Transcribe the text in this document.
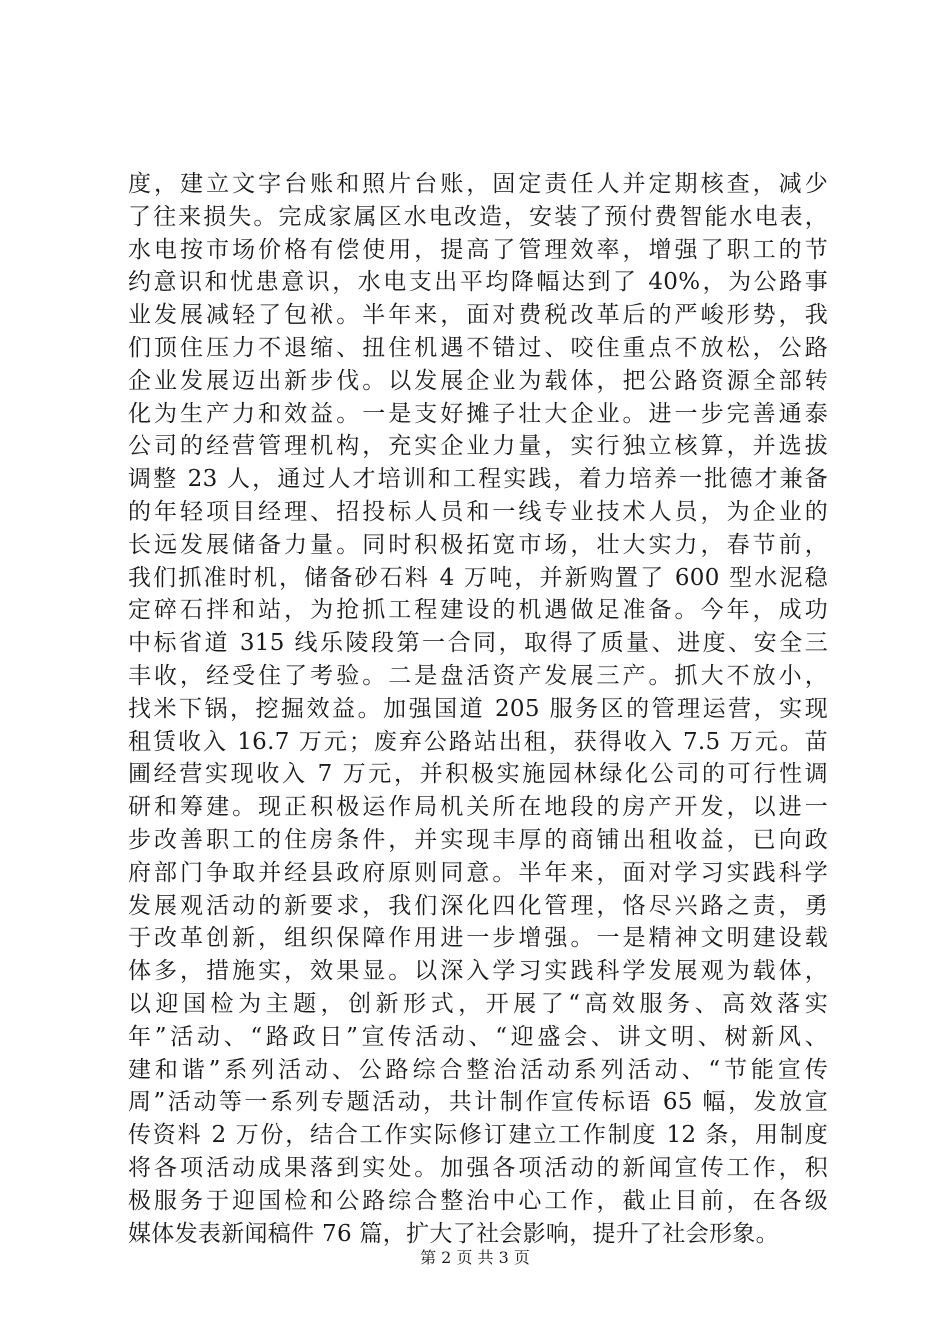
度，建立文字台账和照片台账，固定责任人并定期核查，减少
了往来损失。完成家属区水电改造，安装了预付费智能水电表，
水电按市场价格有偿使用，提高了管理效率，增强了职工的节
约意识和忧患意识，水电支出平均降幅达到了 40%，为公路事
业发展减轻了包袱。半年来，面对费税改革后的严峻形势，我
们顶住压力不退缩、扭住机遇不错过、咬住重点不放松，公路
企业发展迈出新步伐。以发展企业为载体，把公路资源全部转
化为生产力和效益。一是支好摊子壮大企业。进一步完善通泰
公司的经营管理机构，充实企业力量，实行独立核算，并选拔
调整 23 人，通过人才培训和工程实践，着力培养一批德才兼备
的年轻项目经理、招投标人员和一线专业技术人员，为企业的
长远发展储备力量。同时积极拓宽市场，壮大实力，春节前，
我们抓准时机，储备砂石料 4 万吨，并新购置了 600 型水泥稳
定碎石拌和站，为抢抓工程建设的机遇做足准备。今年，成功
中标省道 315 线乐陵段第一合同，取得了质量、进度、安全三
丰收，经受住了考验。二是盘活资产发展三产。抓大不放小，
找米下锅，挖掘效益。加强国道 205 服务区的管理运营，实现
租赁收入 16.7 万元；废弃公路站出租，获得收入 7.5 万元。苗
圃经营实现收入 7 万元，并积极实施园林绿化公司的可行性调
研和筹建。现正积极运作局机关所在地段的房产开发，以进一
步改善职工的住房条件，并实现丰厚的商铺出租收益，已向政
府部门争取并经县政府原则同意。半年来，面对学习实践科学
发展观活动的新要求，我们深化四化管理，恪尽兴路之责，勇
于改革创新，组织保障作用进一步增强。一是精神文明建设载
体多，措施实，效果显。以深入学习实践科学发展观为载体，
以迎国检为主题，创新形式，开展了“高效服务、高效落实
年”活动、“路政日”宣传活动、“迎盛会、讲文明、树新风、
建和谐”系列活动、公路综合整治活动系列活动、“节能宣传
周”活动等一系列专题活动，共计制作宣传标语 65 幅，发放宣
传资料 2 万份，结合工作实际修订建立工作制度 12 条，用制度
将各项活动成果落到实处。加强各项活动的新闻宣传工作，积
极服务于迎国检和公路综合整治中心工作，截止目前，在各级
媒体发表新闻稿件 76 篇，扩大了社会影响，提升了社会形象。
第 2 页 共 3 页
